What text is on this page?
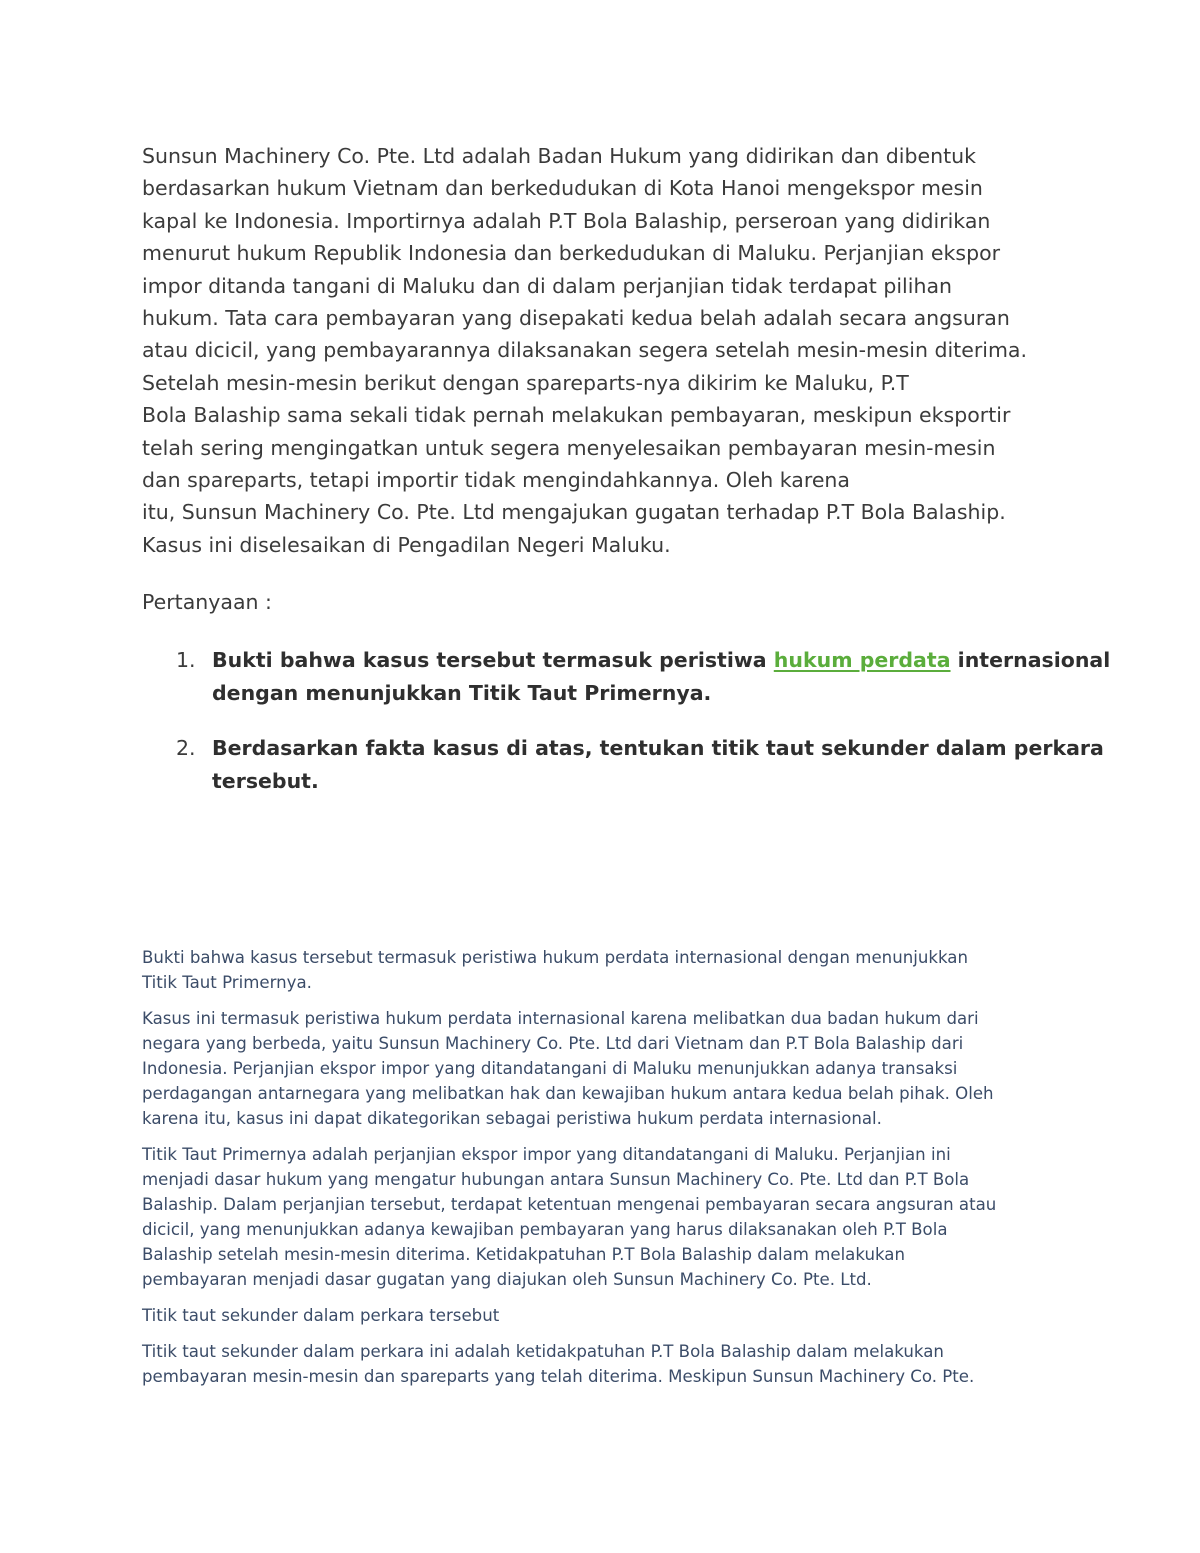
Sunsun Machinery Co. Pte. Ltd adalah Badan Hukum yang didirikan dan dibentuk
berdasarkan hukum Vietnam dan berkedudukan di Kota Hanoi mengekspor mesin
kapal ke Indonesia. Importirnya adalah P.T Bola Balaship, perseroan yang didirikan
menurut hukum Republik Indonesia dan berkedudukan di Maluku. Perjanjian ekspor
impor ditanda tangani di Maluku dan di dalam perjanjian tidak terdapat pilihan
hukum. Tata cara pembayaran yang disepakati kedua belah adalah secara angsuran
atau dicicil, yang pembayarannya dilaksanakan segera setelah mesin-mesin diterima.
Setelah mesin-mesin berikut dengan spareparts-nya dikirim ke Maluku, P.T
Bola Balaship sama sekali tidak pernah melakukan pembayaran, meskipun eksportir
telah sering mengingatkan untuk segera menyelesaikan pembayaran mesin-mesin
dan spareparts, tetapi importir tidak mengindahkannya. Oleh karena
itu, Sunsun Machinery Co. Pte. Ltd mengajukan gugatan terhadap P.T Bola Balaship.
Kasus ini diselesaikan di Pengadilan Negeri Maluku.
Pertanyaan :
1. Bukti bahwa kasus tersebut termasuk peristiwa hukum perdata internasional
dengan menunjukkan Titik Taut Primernya.
2. Berdasarkan fakta kasus di atas, tentukan titik taut sekunder dalam perkara
tersebut.
Bukti bahwa kasus tersebut termasuk peristiwa hukum perdata internasional dengan menunjukkan
Titik Taut Primernya.
Kasus ini termasuk peristiwa hukum perdata internasional karena melibatkan dua badan hukum dari
negara yang berbeda, yaitu Sunsun Machinery Co. Pte. Ltd dari Vietnam dan P.T Bola Balaship dari
Indonesia. Perjanjian ekspor impor yang ditandatangani di Maluku menunjukkan adanya transaksi
perdagangan antarnegara yang melibatkan hak dan kewajiban hukum antara kedua belah pihak. Oleh
karena itu, kasus ini dapat dikategorikan sebagai peristiwa hukum perdata internasional.
Titik Taut Primernya adalah perjanjian ekspor impor yang ditandatangani di Maluku. Perjanjian ini
menjadi dasar hukum yang mengatur hubungan antara Sunsun Machinery Co. Pte. Ltd dan P.T Bola
Balaship. Dalam perjanjian tersebut, terdapat ketentuan mengenai pembayaran secara angsuran atau
dicicil, yang menunjukkan adanya kewajiban pembayaran yang harus dilaksanakan oleh P.T Bola
Balaship setelah mesin-mesin diterima. Ketidakpatuhan P.T Bola Balaship dalam melakukan
pembayaran menjadi dasar gugatan yang diajukan oleh Sunsun Machinery Co. Pte. Ltd.
Titik taut sekunder dalam perkara tersebut
Titik taut sekunder dalam perkara ini adalah ketidakpatuhan P.T Bola Balaship dalam melakukan
pembayaran mesin-mesin dan spareparts yang telah diterima. Meskipun Sunsun Machinery Co. Pte.
